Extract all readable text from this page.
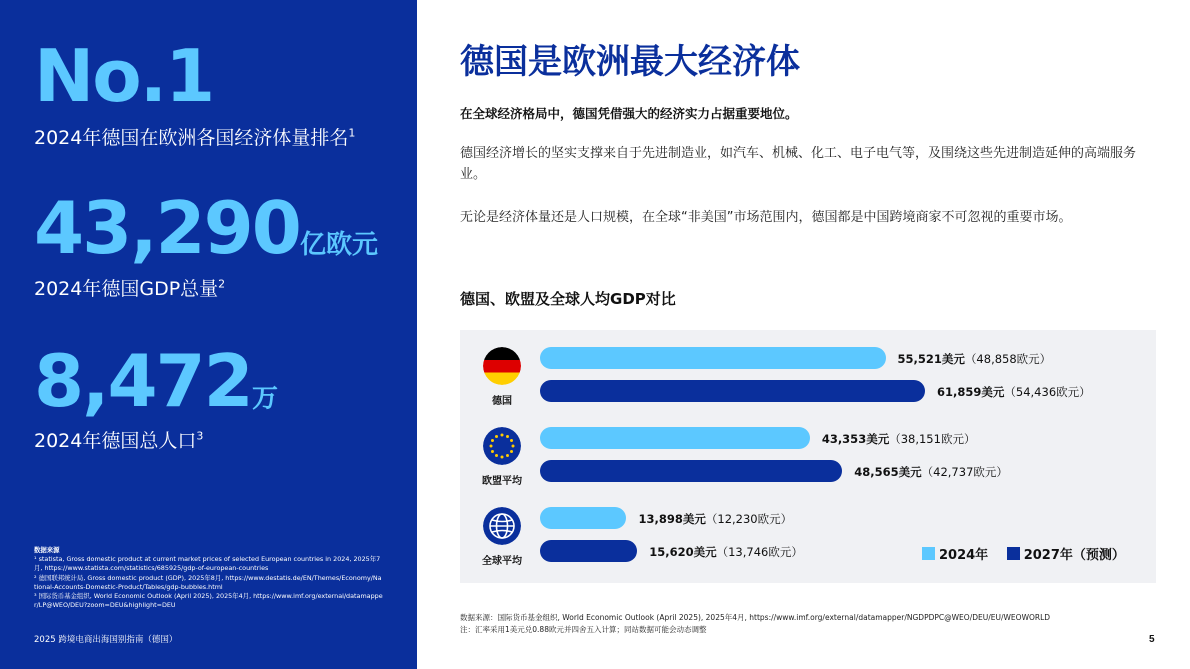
No.1
2024年德国在欧洲各国经济体量排名$^1$
43,290 亿欧元
2024年德国GDP总量$^2$
8,472 万
2024年德国总人口$^3$
数据来源
¹ statista, Gross domestic product at current market prices of selected European countries in 2024, 2025年7月, https://www.statista.com/statistics/685925/gdp-of-european-countries
² 德国联邦统计局, Gross domestic product (GDP), 2025年8月, https://www.destatis.de/EN/Themes/Economy/National-Accounts-Domestic-Product/Tables/gdp-bubbles.html
³ 国际货币基金组织, World Economic Outlook (April 2025), 2025年4月, https://www.imf.org/external/datamapper/LP@WEO/DEU?zoom=DEU&highlight=DEU
2025 跨境电商出海国别指南（德国）
德国是欧洲最大经济体
在全球经济格局中，德国凭借强大的经济实力占据重要地位。
德国经济增长的坚实支撑来自于先进制造业，如汽车、机械、化工、电子电气等，及围绕这些先进制造延伸的高端服务业。
无论是经济体量还是人口规模，在全球“非美国”市场范围内，德国都是中国跨境商家不可忽视的重要市场。
德国、欧盟及全球人均GDP对比
德国
欧盟平均
全球平均
55,521美元（48,858欧元）
61,859美元（54,436欧元）
43,353美元（38,151欧元）
48,565美元（42,737欧元）
13,898美元（12,230欧元）
15,620美元（13,746欧元）	2024年	2027年（预测）
数据来源：国际货币基金组织, World Economic Outlook (April 2025), 2025年4月, https://www.imf.org/external/datamapper/NGDPDPC@WEO/DEU/EU/WEOWORLD
注：汇率采用1美元兑0.88欧元并四舍五入计算；同站数据可能会动态调整
5
